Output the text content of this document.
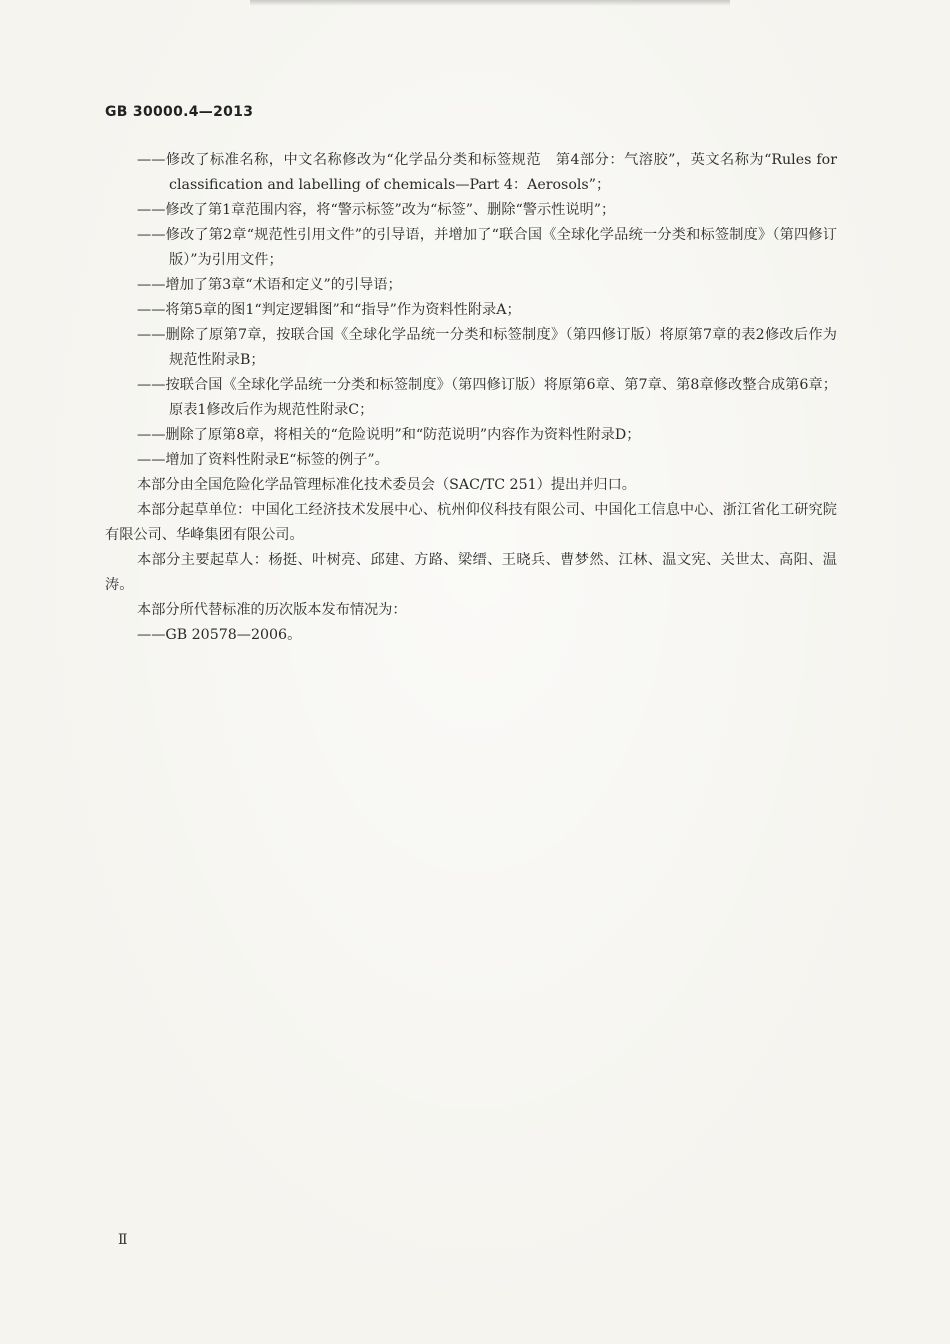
GB 30000.4—2013

——修改了标准名称，中文名称修改为“化学品分类和标签规范　第4部分：气溶胶”，英文名称为“Rules for classification and labelling of chemicals—Part 4：Aerosols”；

——修改了第1章范围内容，将“警示标签”改为“标签”、删除“警示性说明”；

——修改了第2章“规范性引用文件”的引导语，并增加了“联合国《全球化学品统一分类和标签制度》（第四修订版）”为引用文件；

——增加了第3章“术语和定义”的引导语；

——将第5章的图1“判定逻辑图”和“指导”作为资料性附录A；

——删除了原第7章，按联合国《全球化学品统一分类和标签制度》（第四修订版）将原第7章的表2修改后作为规范性附录B；

——按联合国《全球化学品统一分类和标签制度》（第四修订版）将原第6章、第7章、第8章修改整合成第6章；原表1修改后作为规范性附录C；

——删除了原第8章，将相关的“危险说明”和“防范说明”内容作为资料性附录D；

——增加了资料性附录E“标签的例子”。

本部分由全国危险化学品管理标准化技术委员会（SAC/TC 251）提出并归口。

本部分起草单位：中国化工经济技术发展中心、杭州仰仪科技有限公司、中国化工信息中心、浙江省化工研究院有限公司、华峰集团有限公司。

本部分主要起草人：杨挺、叶树亮、邱建、方路、梁缙、王晓兵、曹梦然、江林、温文宪、关世太、高阳、温涛。

本部分所代替标准的历次版本发布情况为：

——GB 20578—2006。

Ⅱ
